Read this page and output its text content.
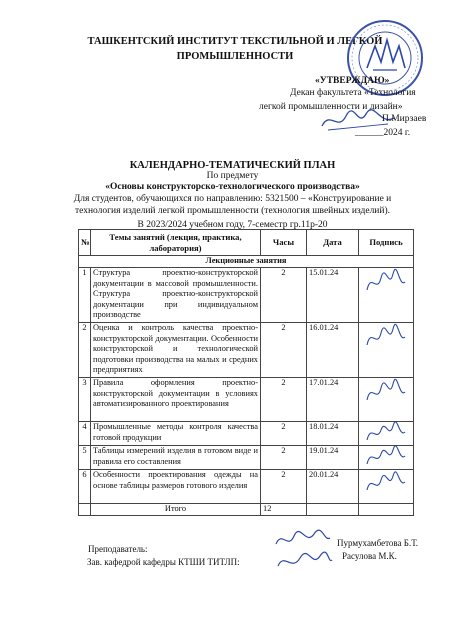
ТАШКЕНТСКИЙ ИНСТИТУТ ТЕКСТИЛЬНОЙ И ЛЕГКОЙ
ПРОМЫШЛЕННОСТИ
«УТВЕРЖДАЮ»
Декан факультета «Технология
легкой промышленности и дизайн»
П.Мирзаев
______2024 г.
КАЛЕНДАРНО-ТЕМАТИЧЕСКИЙ ПЛАН
По предмету
«Основы конструкторско-технологического производства»
Для студентов, обучающихся по направлению: 5321500 – «Конструирование и
технология изделий легкой промышленности (технология швейных изделий).
В 2023/2024 учебном году, 7-семестр гр.11р-20
№	Темы занятий (лекция, практика, лаборатория)	Часы	Дата	Подпись
Лекционные занятия				
1	Структура проектно-конструкторской документации в массовой промышленности. Структура проектно-конструкторской документации при индивидуальном производстве	2	15.01.24	

2	Оценка и контроль качества проектно-конструкторской документации. Особенности конструкторской и технологической подготовки производства на малых и средних предприятиях	2	16.01.24	

3	Правила оформления проектно-конструкторской документации в условиях автоматизированного проектирования	2	17.01.24	

4	Промышленные методы контроля качества готовой продукции	2	18.01.24	

5	Таблицы измерений изделия в готовом виде и правила его составления	2	19.01.24	

6	Особенности проектирования одежды на основе таблицы размеров готового изделия	2	20.01.24	

	Итого	12		
Преподаватель:
Зав. кафедрой кафедры КТШИ ТИТЛП:
Пурмухамбетова Б.Т.
Расулова М.К.
